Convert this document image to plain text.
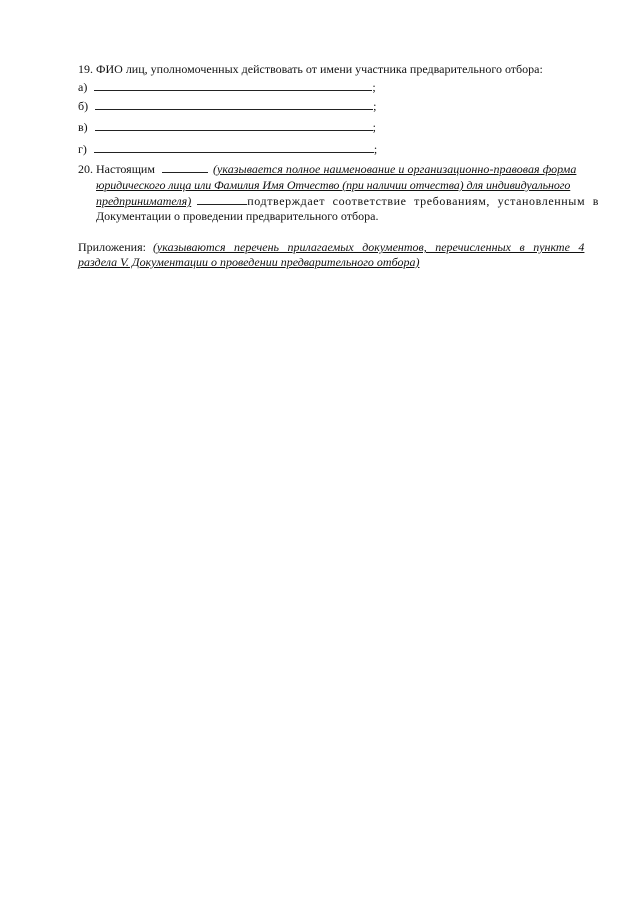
19. ФИО лиц, уполномоченных действовать от имени участника предварительного отбора:
а)	;
б)	;
в)	;
г)	;
20. Настоящим	(указывается полное наименование и организационно-правовая форма
юридического лица или Фамилия Имя Отчество (при наличии отчества) для индивидуального
предпринимателя)	подтверждает соответствие требованиям, установленным в
Документации о проведении предварительного отбора.
Приложения: (указываются перечень прилагаемых документов, перечисленных в пункте 4
раздела V. Документации о проведении предварительного отбора)
